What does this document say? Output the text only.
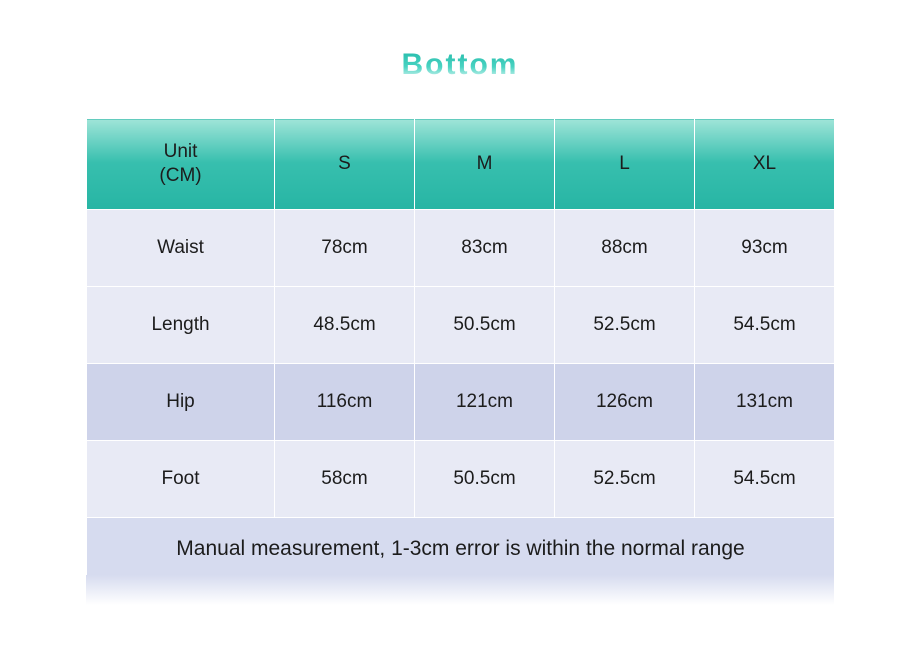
Bottom
Unit
(CM)	S	M	L	XL
Waist	78cm	83cm	88cm	93cm
Length	48.5cm	50.5cm	52.5cm	54.5cm
Hip	116cm	121cm	126cm	131cm
Foot	58cm	50.5cm	52.5cm	54.5cm
Manual measurement, 1-3cm error is within the normal range				
